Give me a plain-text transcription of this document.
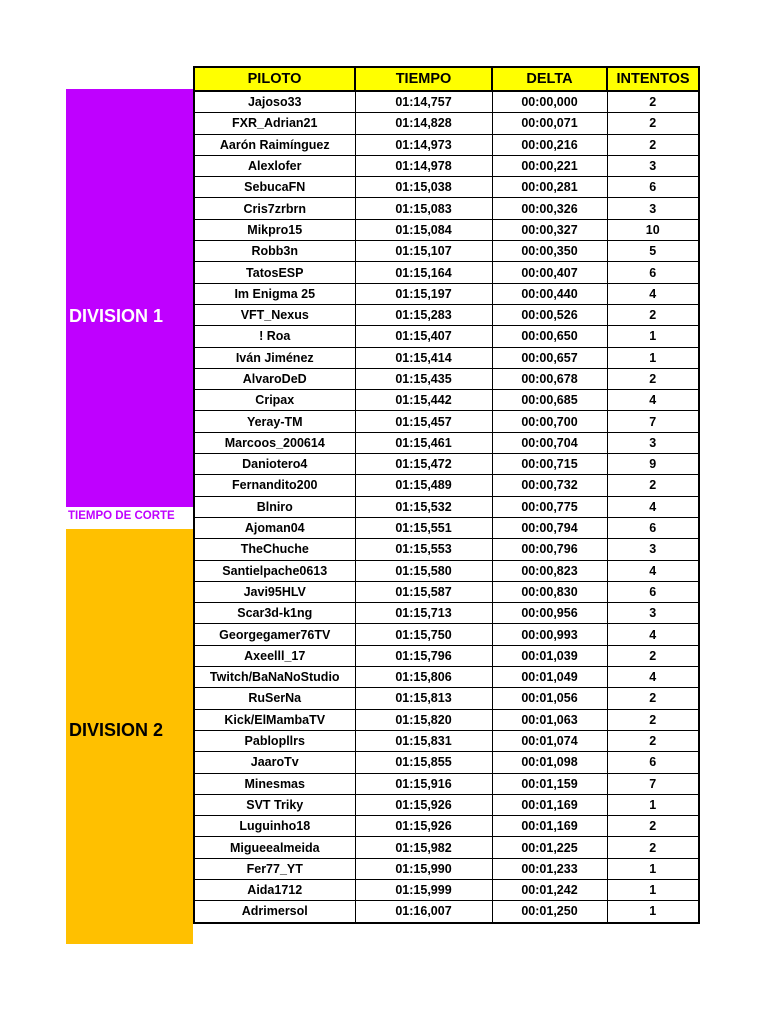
DIVISION 1
TIEMPO DE CORTE
DIVISION 2
PILOTO	TIEMPO	DELTA	INTENTOS
Jajoso33	01:14,757	00:00,000	2
FXR_Adrian21	01:14,828	00:00,071	2
Aarón Raimínguez	01:14,973	00:00,216	2
Alexlofer	01:14,978	00:00,221	3
SebucaFN	01:15,038	00:00,281	6
Cris7zrbrn	01:15,083	00:00,326	3
Mikpro15	01:15,084	00:00,327	10
Robb3n	01:15,107	00:00,350	5
TatosESP	01:15,164	00:00,407	6
Im Enigma 25	01:15,197	00:00,440	4
VFT_Nexus	01:15,283	00:00,526	2
! Roa	01:15,407	00:00,650	1
Iván Jiménez	01:15,414	00:00,657	1
AlvaroDeD	01:15,435	00:00,678	2
Cripax	01:15,442	00:00,685	4
Yeray-TM	01:15,457	00:00,700	7
Marcoos_200614	01:15,461	00:00,704	3
Daniotero4	01:15,472	00:00,715	9
Fernandito200	01:15,489	00:00,732	2
Blniro	01:15,532	00:00,775	4
Ajoman04	01:15,551	00:00,794	6
TheChuche	01:15,553	00:00,796	3
Santielpache0613	01:15,580	00:00,823	4
Javi95HLV	01:15,587	00:00,830	6
Scar3d-k1ng	01:15,713	00:00,956	3
Georgegamer76TV	01:15,750	00:00,993	4
Axeelll_17	01:15,796	00:01,039	2
Twitch/BaNaNoStudio	01:15,806	00:01,049	4
RuSerNa	01:15,813	00:01,056	2
Kick/ElMambaTV	01:15,820	00:01,063	2
Pablopllrs	01:15,831	00:01,074	2
JaaroTv	01:15,855	00:01,098	6
Minesmas	01:15,916	00:01,159	7
SVT Triky	01:15,926	00:01,169	1
Luguinho18	01:15,926	00:01,169	2
Migueealmeida	01:15,982	00:01,225	2
Fer77_YT	01:15,990	00:01,233	1
Aida1712	01:15,999	00:01,242	1
Adrimersol	01:16,007	00:01,250	1
